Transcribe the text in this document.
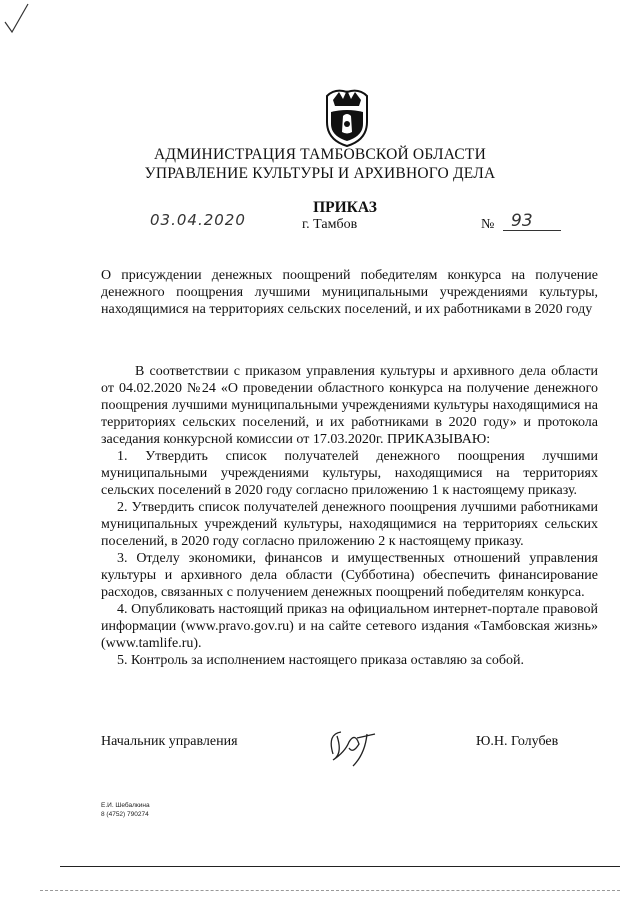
АДМИНИСТРАЦИЯ ТАМБОВСКОЙ ОБЛАСТИ
УПРАВЛЕНИЕ КУЛЬТУРЫ И АРХИВНОГО ДЕЛА
ПРИКАЗ
03.04.2020	г. Тамбов	№ 93
О присуждении денежных поощрений победителям конкурса на получение денежного поощрения лучшими муниципальными учреждениями культуры, находящимися на территориях сельских поселений, и их работниками в 2020 году

В соответствии с приказом управления культуры и архивного дела области от 04.02.2020 №24 «О проведении областного конкурса на получение денежного поощрения лучшими муниципальными учреждениями культуры находящимися на территориях сельских поселений, и их работниками в 2020 году» и протокола заседания конкурсной комиссии от 17.03.2020г. ПРИКАЗЫВАЮ:

1. Утвердить список получателей денежного поощрения лучшими муниципальными учреждениями культуры, находящимися на территориях сельских поселений в 2020 году согласно приложению 1 к настоящему приказу.

2. Утвердить список получателей денежного поощрения лучшими работниками муниципальных учреждений культуры, находящимися на территориях сельских поселений, в 2020 году согласно приложению 2 к настоящему приказу.

3. Отделу экономики, финансов и имущественных отношений управления культуры и архивного дела области (Субботина) обеспечить финансирование расходов, связанных с получением денежных поощрений победителям конкурса.

4. Опубликовать настоящий приказ на официальном интернет-портале правовой информации (www.pravo.gov.ru) и на сайте сетевого издания «Тамбовская жизнь» (www.tamlife.ru).

5. Контроль за исполнением настоящего приказа оставляю за собой.

Начальник управления	Ю.Н. Голубев
Е.И. Шебалкина
8 (4752) 790274
